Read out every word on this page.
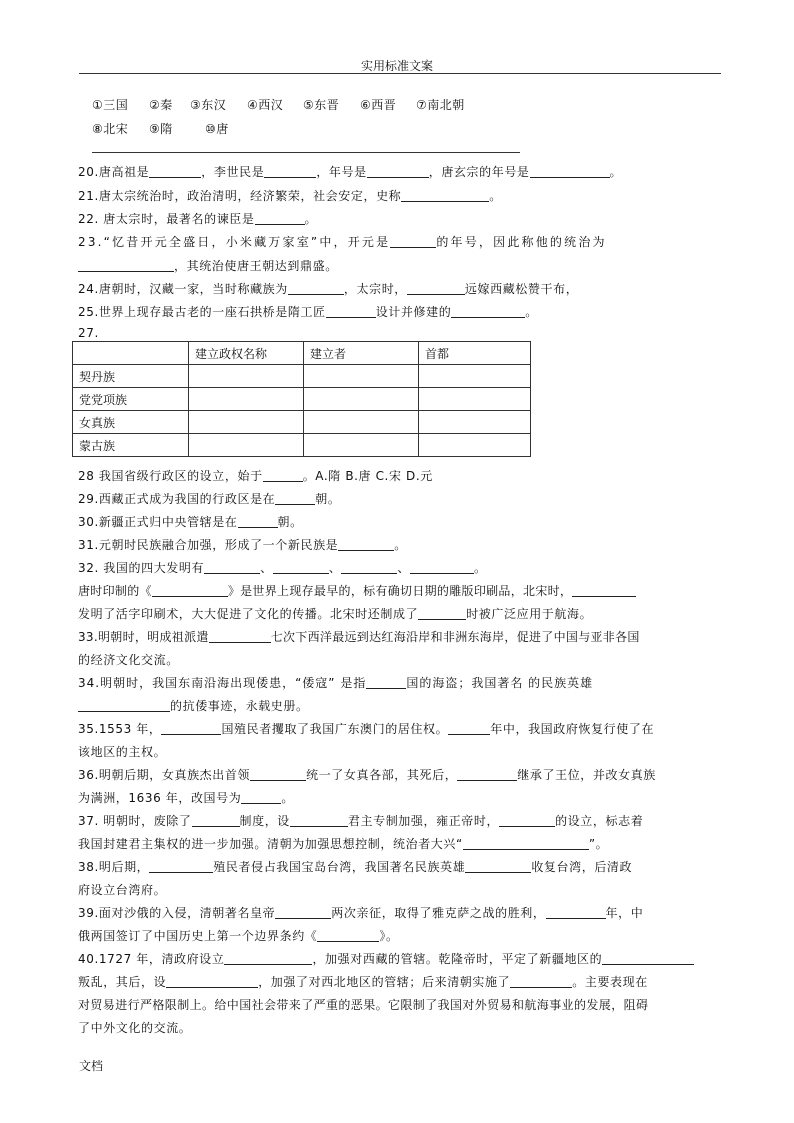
实用标准文案
①三国 ②秦 ③东汉 ④西汉 ⑤东晋 ⑥西晋 ⑦南北朝
⑧北宋 ⑨隋	⑩唐
20.唐高祖是	，李世民是	，年号是	，唐玄宗的年号是	。
21.唐太宗统治时，政治清明，经济繁荣，社会安定，史称	。
22. 唐太宗时，最著名的谏臣是	。
23.“忆昔开元全盛日，小米藏万家室”中，开元是	的年号，因此称他的统治为
，其统治使唐王朝达到鼎盛。
24.唐朝时，汉藏一家，当时称藏族为	，太宗时，	远嫁西藏松赞干布，
25.世界上现存最古老的一座石拱桥是隋工匠	设计并修建的	。
27.
	建立政权名称	建立者	首都
契丹族			
党党项族			
女真族			
蒙古族			
28 我国省级行政区的设立，始于	。A.隋 B.唐 C.宋 D.元
29.西藏正式成为我国的行政区是在	朝。
30.新疆正式归中央管辖是在	朝。
31.元朝时民族融合加强，形成了一个新民族是	。
32. 我国的四大发明有	、	、	、	。
唐时印制的《	》是世界上现存最早的，标有确切日期的雕版印刷品，北宋时，
发明了活字印刷术，大大促进了文化的传播。北宋时还制成了	时被广泛应用于航海。
33.明朝时，明成祖派遣	七次下西洋最远到达红海沿岸和非洲东海岸，促进了中国与亚非各国
的经济文化交流。
34.明朝时，我国东南沿海出现倭患，“倭寇” 是指	国的海盗；我国著名 的民族英雄
的抗倭事迹，永载史册。
35.1553 年，	国殖民者攫取了我国广东澳门的居住权。	年中，我国政府恢复行使了在
该地区的主权。
36.明朝后期，女真族杰出首领	统一了女真各部，其死后，	继承了王位，并改女真族
为满洲，1636 年，改国号为	。
37. 明朝时，废除了	制度，设	君主专制加强，雍正帝时，	的设立，标志着
我国封建君主集权的进一步加强。清朝为加强思想控制，统治者大兴“	”。
38.明后期，	殖民者侵占我国宝岛台湾，我国著名民族英雄	收复台湾，后清政
府设立台湾府。
39.面对沙俄的入侵，清朝著名皇帝	两次亲征，取得了雅克萨之战的胜利，	年，中
俄两国签订了中国历史上第一个边界条约《	》。
40.1727 年，清政府设立	，加强对西藏的管辖。乾隆帝时，平定了新疆地区的
叛乱，其后，设	，加强了对西北地区的管辖；后来清朝实施了	。主要表现在
对贸易进行严格限制上。给中国社会带来了严重的恶果。它限制了我国对外贸易和航海事业的发展，阻碍
了中外文化的交流。
文档
